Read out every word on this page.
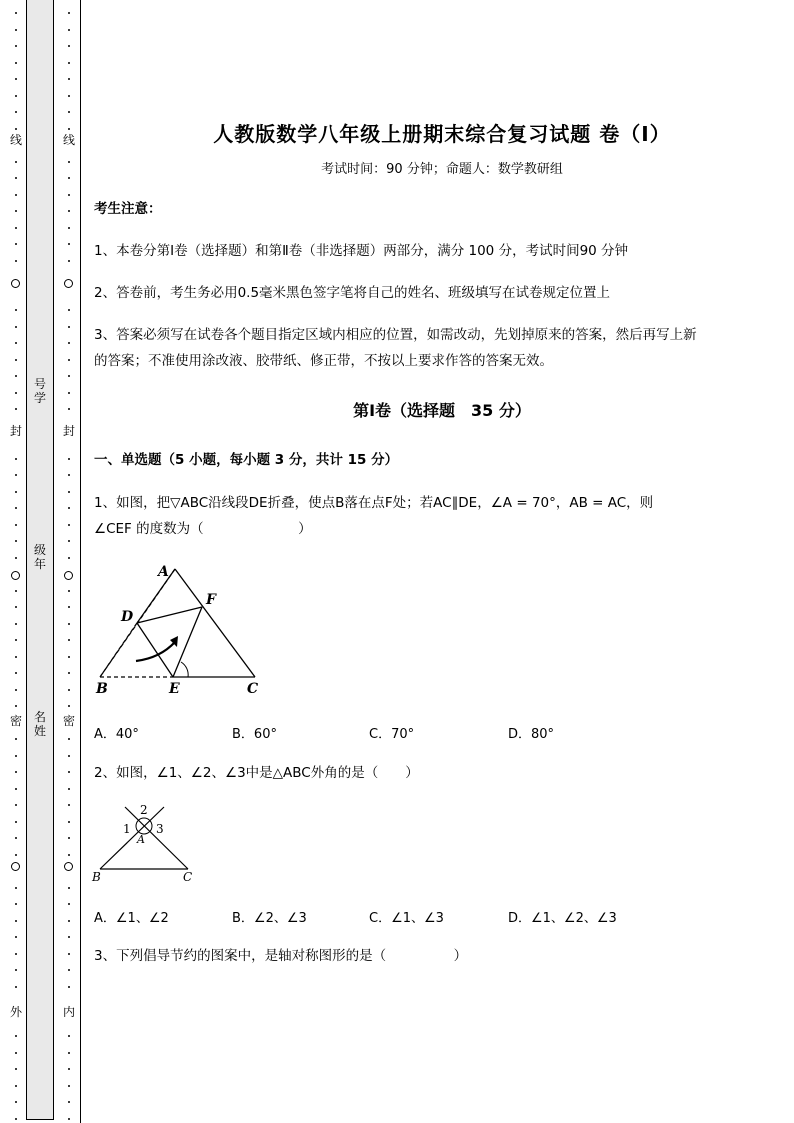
线
封
密
外
线
封
密
内
号
学
级
年
名
姓
人教版数学八年级上册期末综合复习试题 卷（Ⅰ）
考试时间：90 分钟；命题人：数学教研组
考生注意：
1、本卷分第Ⅰ卷（选择题）和第Ⅱ卷（非选择题）两部分，满分 100 分，考试时间90 分钟
2、答卷前，考生务必用0.5毫米黑色签字笔将自己的姓名、班级填写在试卷规定位置上
3、答案必须写在试卷各个题目指定区域内相应的位置，如需改动，先划掉原来的答案，然后再写上新
的答案；不准使用涂改液、胶带纸、修正带，不按以上要求作答的答案无效。
第Ⅰ卷（选择题　35 分）
一、单选题（5 小题，每小题 3 分，共计 15 分）
1、如图，把▽ABC沿线段DE折叠，使点B落在点F处；若AC∥DE，∠A = 70°，AB = AC，则
∠CEF 的度数为（　　　　　　　）
A
D
F
B	E	C
A．40°	B．60°	C．70°	D．80°
2、如图，∠1、∠2、∠3中是△ABC外角的是（　　）
2
1 3
A
B	C
A．∠1、∠2	B．∠2、∠3	C．∠1、∠3	D．∠1、∠2、∠3
3、下列倡导节约的图案中，是轴对称图形的是（　　　　　）
